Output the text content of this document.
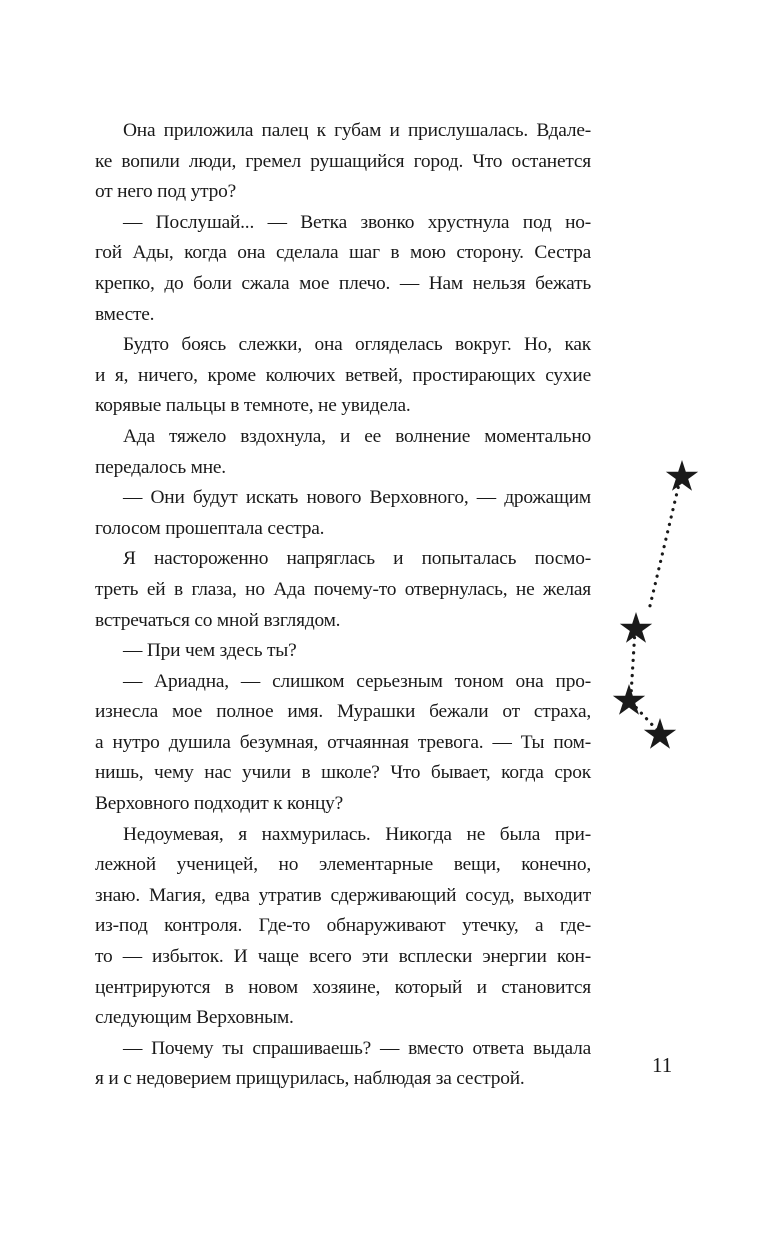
Она приложила палец к губам и прислушалась. Вдале-
ке вопили люди, гремел рушащийся город. Что останется
от него под утро?
— Послушай... — Ветка звонко хрустнула под но-
гой Ады, когда она сделала шаг в мою сторону. Сестра
крепко, до боли сжала мое плечо. — Нам нельзя бежать
вместе.
Будто боясь слежки, она огляделась вокруг. Но, как
и я, ничего, кроме колючих ветвей, простирающих сухие
корявые пальцы в темноте, не увидела.
Ада тяжело вздохнула, и ее волнение моментально
передалось мне.
— Они будут искать нового Верховного, — дрожащим
голосом прошептала сестра.
Я настороженно напряглась и попыталась посмо-
треть ей в глаза, но Ада почему-то отвернулась, не желая
встречаться со мной взглядом.
— При чем здесь ты?
— Ариадна, — слишком серьезным тоном она про-
изнесла мое полное имя. Мурашки бежали от страха,
а нутро душила безумная, отчаянная тревога. — Ты пом-
нишь, чему нас учили в школе? Что бывает, когда срок
Верховного подходит к концу?
Недоумевая, я нахмурилась. Никогда не была при-
лежной ученицей, но элементарные вещи, конечно,
знаю. Магия, едва утратив сдерживающий сосуд, выходит
из-под контроля. Где-то обнаруживают утечку, а где-
то — избыток. И чаще всего эти всплески энергии кон-
центрируются в новом хозяине, который и становится
следующим Верховным.
— Почему ты спрашиваешь? — вместо ответа выдала
я и с недоверием прищурилась, наблюдая за сестрой.
11
